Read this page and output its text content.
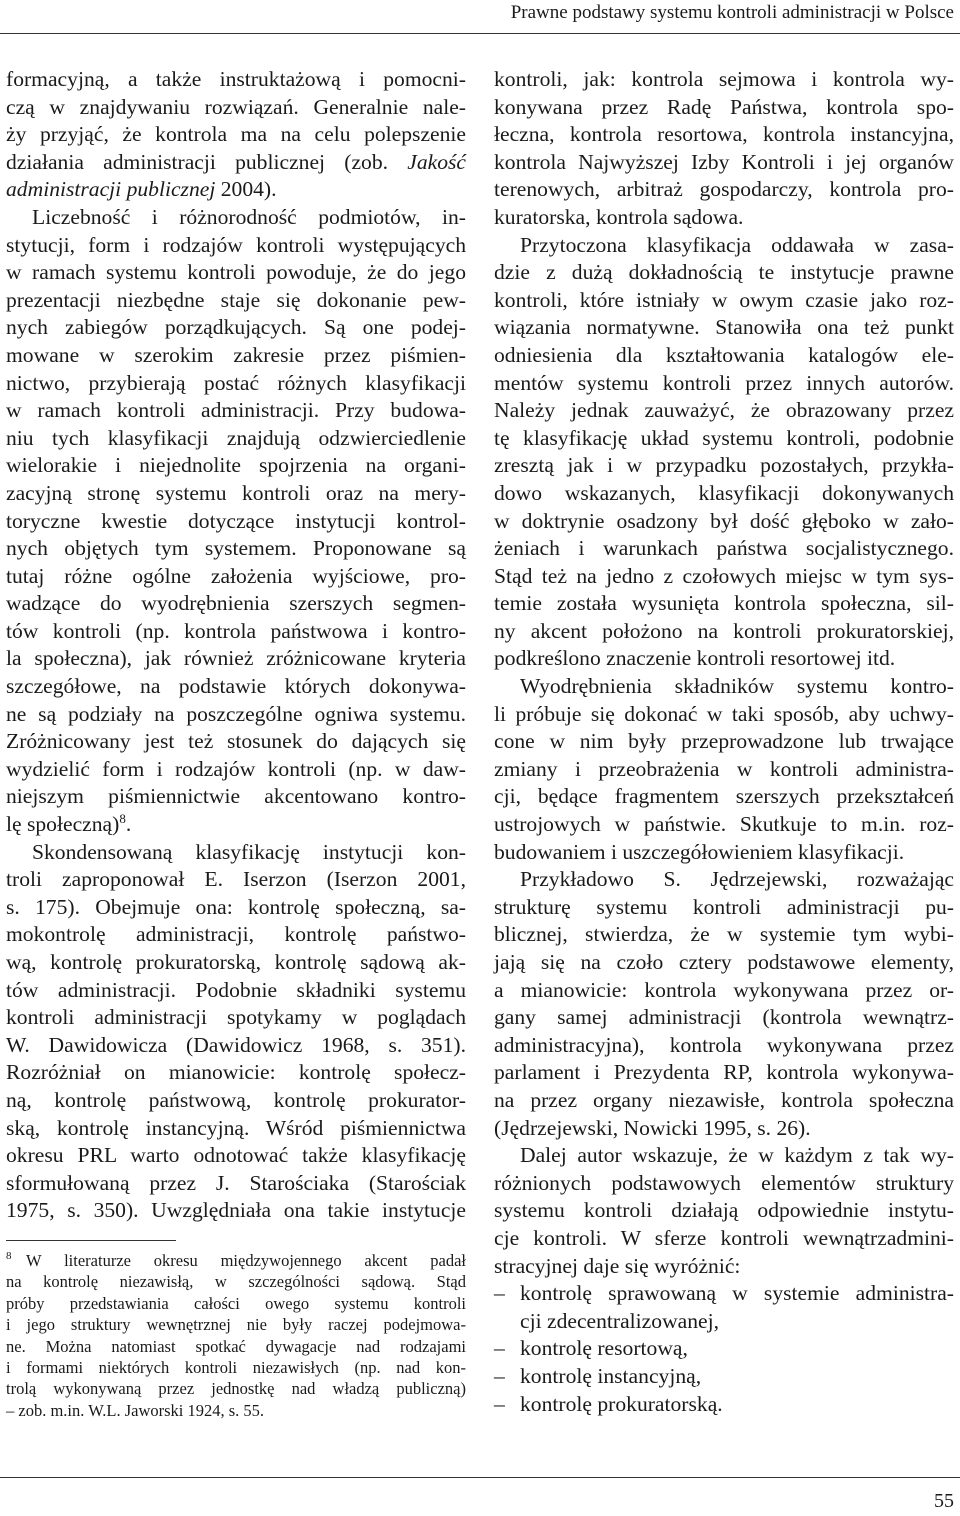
Prawne podstawy systemu kontroli administracji w Polsce
formacyjną, a także instruktażową i pomocni-
czą w znajdywaniu rozwiązań. Generalnie nale-
ży przyjąć, że kontrola ma na celu polepszenie
działania administracji publicznej (zob. Jakość
administracji publicznej 2004).
Liczebność i różnorodność podmiotów, in-
stytucji, form i rodzajów kontroli występujących
w ramach systemu kontroli powoduje, że do jego
prezentacji niezbędne staje się dokonanie pew-
nych zabiegów porządkujących. Są one podej-
mowane w szerokim zakresie przez piśmien-
nictwo, przybierają postać różnych klasyfikacji
w ramach kontroli administracji. Przy budowa-
niu tych klasyfikacji znajdują odzwierciedlenie
wielorakie i niejednolite spojrzenia na organi-
zacyjną stronę systemu kontroli oraz na mery-
toryczne kwestie dotyczące instytucji kontrol-
nych objętych tym systemem. Proponowane są
tutaj różne ogólne założenia wyjściowe, pro-
wadzące do wyodrębnienia szerszych segmen-
tów kontroli (np. kontrola państwowa i kontro-
la społeczna), jak również zróżnicowane kryteria
szczegółowe, na podstawie których dokonywa-
ne są podziały na poszczególne ogniwa systemu.
Zróżnicowany jest też stosunek do dających się
wydzielić form i rodzajów kontroli (np. w daw-
niejszym piśmiennictwie akcentowano kontro-
lę społeczną)$^8$.
Skondensowaną klasyfikację instytucji kon-
troli zaproponował E. Iserzon (Iserzon 2001,
s. 175). Obejmuje ona: kontrolę społeczną, sa-
mokontrolę administracji, kontrolę państwo-
wą, kontrolę prokuratorską, kontrolę sądową ak-
tów administracji. Podobnie składniki systemu
kontroli administracji spotykamy w poglądach
W. Dawidowicza (Dawidowicz 1968, s. 351).
Rozróżniał on mianowicie: kontrolę społecz-
ną, kontrolę państwową, kontrolę prokurator-
ską, kontrolę instancyjną. Wśród piśmiennictwa
okresu PRL warto odnotować także klasyfikację
sformułowaną przez J. Starościaka (Starościak
1975, s. 350). Uwzględniała ona takie instytucje
8 W literaturze okresu międzywojennego akcent padał
na kontrolę niezawisłą, w szczególności sądową. Stąd
próby przedstawiania całości owego systemu kontroli
i jego struktury wewnętrznej nie były raczej podejmowa-
ne. Można natomiast spotkać dywagacje nad rodzajami
i formami niektórych kontroli niezawisłych (np. nad kon-
trolą wykonywaną przez jednostkę nad władzą publiczną)
– zob. m.in. W.L. Jaworski 1924, s. 55.
kontroli, jak: kontrola sejmowa i kontrola wy-
konywana przez Radę Państwa, kontrola spo-
łeczna, kontrola resortowa, kontrola instancyjna,
kontrola Najwyższej Izby Kontroli i jej organów
terenowych, arbitraż gospodarczy, kontrola pro-
kuratorska, kontrola sądowa.
Przytoczona klasyfikacja oddawała w zasa-
dzie z dużą dokładnością te instytucje prawne
kontroli, które istniały w owym czasie jako roz-
wiązania normatywne. Stanowiła ona też punkt
odniesienia dla kształtowania katalogów ele-
mentów systemu kontroli przez innych autorów.
Należy jednak zauważyć, że obrazowany przez
tę klasyfikację układ systemu kontroli, podobnie
zresztą jak i w przypadku pozostałych, przykła-
dowo wskazanych, klasyfikacji dokonywanych
w doktrynie osadzony był dość głęboko w zało-
żeniach i warunkach państwa socjalistycznego.
Stąd też na jedno z czołowych miejsc w tym sys-
temie została wysunięta kontrola społeczna, sil-
ny akcent położono na kontroli prokuratorskiej,
podkreślono znaczenie kontroli resortowej itd.
Wyodrębnienia składników systemu kontro-
li próbuje się dokonać w taki sposób, aby uchwy-
cone w nim były przeprowadzone lub trwające
zmiany i przeobrażenia w kontroli administra-
cji, będące fragmentem szerszych przekształceń
ustrojowych w państwie. Skutkuje to m.in. roz-
budowaniem i uszczegółowieniem klasyfikacji.
Przykładowo S. Jędrzejewski, rozważając
strukturę systemu kontroli administracji pu-
blicznej, stwierdza, że w systemie tym wybi-
jają się na czoło cztery podstawowe elementy,
a mianowicie: kontrola wykonywana przez or-
gany samej administracji (kontrola wewnątrz-
administracyjna), kontrola wykonywana przez
parlament i Prezydenta RP, kontrola wykonywa-
na przez organy niezawisłe, kontrola społeczna
(Jędrzejewski, Nowicki 1995, s. 26).
Dalej autor wskazuje, że w każdym z tak wy-
różnionych podstawowych elementów struktury
systemu kontroli działają odpowiednie instytu-
cje kontroli. W sferze kontroli wewnątrzadmini-
stracyjnej daje się wyróżnić:
– kontrolę sprawowaną w systemie administra-
cji zdecentralizowanej,
– kontrolę resortową,
– kontrolę instancyjną,
– kontrolę prokuratorską.
55
